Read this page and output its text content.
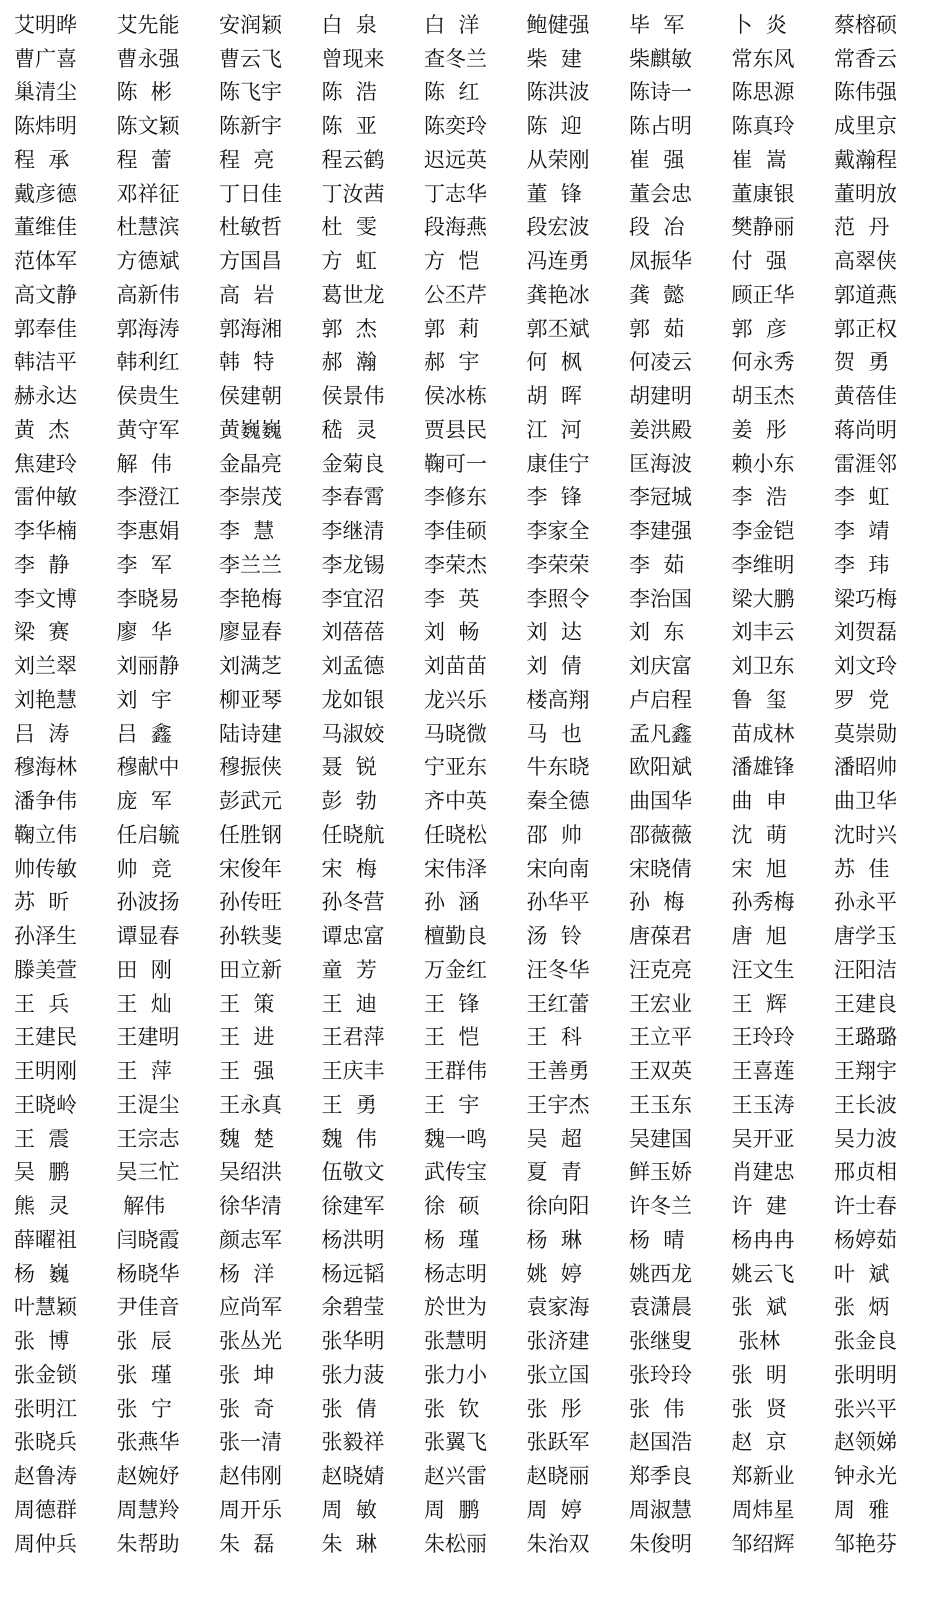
艾明晔	艾先能	安润颖	白  泉	白  洋	鲍健强	毕  军	卜  炎	蔡榕硕
曹广喜	曹永强	曹云飞	曾现来	查冬兰	柴  建	柴麒敏	常东风	常香云
巢清尘	陈  彬	陈飞宇	陈  浩	陈  红	陈洪波	陈诗一	陈思源	陈伟强
陈炜明	陈文颖	陈新宇	陈  亚	陈奕玲	陈  迎	陈占明	陈真玲	成里京
程  承	程  蕾	程  亮	程云鹤	迟远英	从荣刚	崔  强	崔  嵩	戴瀚程
戴彦德	邓祥征	丁日佳	丁汝茜	丁志华	董  锋	董会忠	董康银	董明放
董维佳	杜慧滨	杜敏哲	杜  雯	段海燕	段宏波	段  冶	樊静丽	范  丹
范体军	方德斌	方国昌	方  虹	方  恺	冯连勇	凤振华	付  强	高翠侠
高文静	高新伟	高  岩	葛世龙	公丕芹	龚艳冰	龚  懿	顾正华	郭道燕
郭奉佳	郭海涛	郭海湘	郭  杰	郭  莉	郭丕斌	郭  茹	郭  彦	郭正权
韩洁平	韩利红	韩  特	郝  瀚	郝  宇	何  枫	何凌云	何永秀	贺  勇
赫永达	侯贵生	侯建朝	侯景伟	侯冰栋	胡  晖	胡建明	胡玉杰	黄蓓佳
黄  杰	黄守军	黄巍巍	嵇  灵	贾县民	江  河	姜洪殿	姜  彤	蒋尚明
焦建玲	解  伟	金晶亮	金菊良	鞠可一	康佳宁	匡海波	赖小东	雷涯邻
雷仲敏	李澄江	李崇茂	李春霄	李修东	李  锋	李冠城	李  浩	李  虹
李华楠	李惠娟	李  慧	李继清	李佳硕	李家全	李建强	李金铠	李  靖
李  静	李  军	李兰兰	李龙锡	李荣杰	李荣荣	李  茹	李维明	李  玮
李文博	李晓易	李艳梅	李宜沼	李  英	李照令	李治国	梁大鹏	梁巧梅
梁  赛	廖  华	廖显春	刘蓓蓓	刘  畅	刘  达	刘  东	刘丰云	刘贺磊
刘兰翠	刘丽静	刘满芝	刘孟德	刘苗苗	刘  倩	刘庆富	刘卫东	刘文玲
刘艳慧	刘  宇	柳亚琴	龙如银	龙兴乐	楼高翔	卢启程	鲁  玺	罗  党
吕  涛	吕  鑫	陆诗建	马淑姣	马晓微	马  也	孟凡鑫	苗成林	莫崇勋
穆海林	穆献中	穆振侠	聂  锐	宁亚东	牛东晓	欧阳斌	潘雄锋	潘昭帅
潘争伟	庞  军	彭武元	彭  勃	齐中英	秦全德	曲国华	曲  申	曲卫华
鞠立伟	任启毓	任胜钢	任晓航	任晓松	邵  帅	邵薇薇	沈  萌	沈时兴
帅传敏	帅  竞	宋俊年	宋  梅	宋伟泽	宋向南	宋晓倩	宋  旭	苏  佳
苏  昕	孙波扬	孙传旺	孙冬营	孙  涵	孙华平	孙  梅	孙秀梅	孙永平
孙泽生	谭显春	孙轶斐	谭忠富	檀勤良	汤  铃	唐葆君	唐  旭	唐学玉
滕美萱	田  刚	田立新	童  芳	万金红	汪冬华	汪克亮	汪文生	汪阳洁
王  兵	王  灿	王  策	王  迪	王  锋	王红蕾	王宏业	王  辉	王建良
王建民	王建明	王  进	王君萍	王  恺	王  科	王立平	王玲玲	王璐璐
王明刚	王  萍	王  强	王庆丰	王群伟	王善勇	王双英	王喜莲	王翔宇
王晓岭	王湜尘	王永真	王  勇	王  宇	王宇杰	王玉东	王玉涛	王长波
王  震	王宗志	魏  楚	魏  伟	魏一鸣	吴  超	吴建国	吴开亚	吴力波
吴  鹏	吴三忙	吴绍洪	伍敬文	武传宝	夏  青	鲜玉娇	肖建忠	邢贞相
熊  灵	解伟	徐华清	徐建军	徐  硕	徐向阳	许冬兰	许  建	许士春
薛曜祖	闫晓霞	颜志军	杨洪明	杨  瑾	杨  琳	杨  晴	杨冉冉	杨婷茹
杨  巍	杨晓华	杨  洋	杨远韬	杨志明	姚  婷	姚西龙	姚云飞	叶  斌
叶慧颖	尹佳音	应尚军	余碧莹	於世为	袁家海	袁潇晨	张  斌	张  炳
张  博	张  辰	张丛光	张华明	张慧明	张济建	张继叟	张林	张金良
张金锁	张  瑾	张  坤	张力菠	张力小	张立国	张玲玲	张  明	张明明
张明江	张  宁	张  奇	张  倩	张  钦	张  彤	张  伟	张  贤	张兴平
张晓兵	张燕华	张一清	张毅祥	张翼飞	张跃军	赵国浩	赵  京	赵领娣
赵鲁涛	赵婉妤	赵伟刚	赵晓婧	赵兴雷	赵晓丽	郑季良	郑新业	钟永光
周德群	周慧羚	周开乐	周  敏	周  鹏	周  婷	周淑慧	周炜星	周  雅
周仲兵	朱帮助	朱  磊	朱  琳	朱松丽	朱治双	朱俊明	邹绍辉	邹艳芬
